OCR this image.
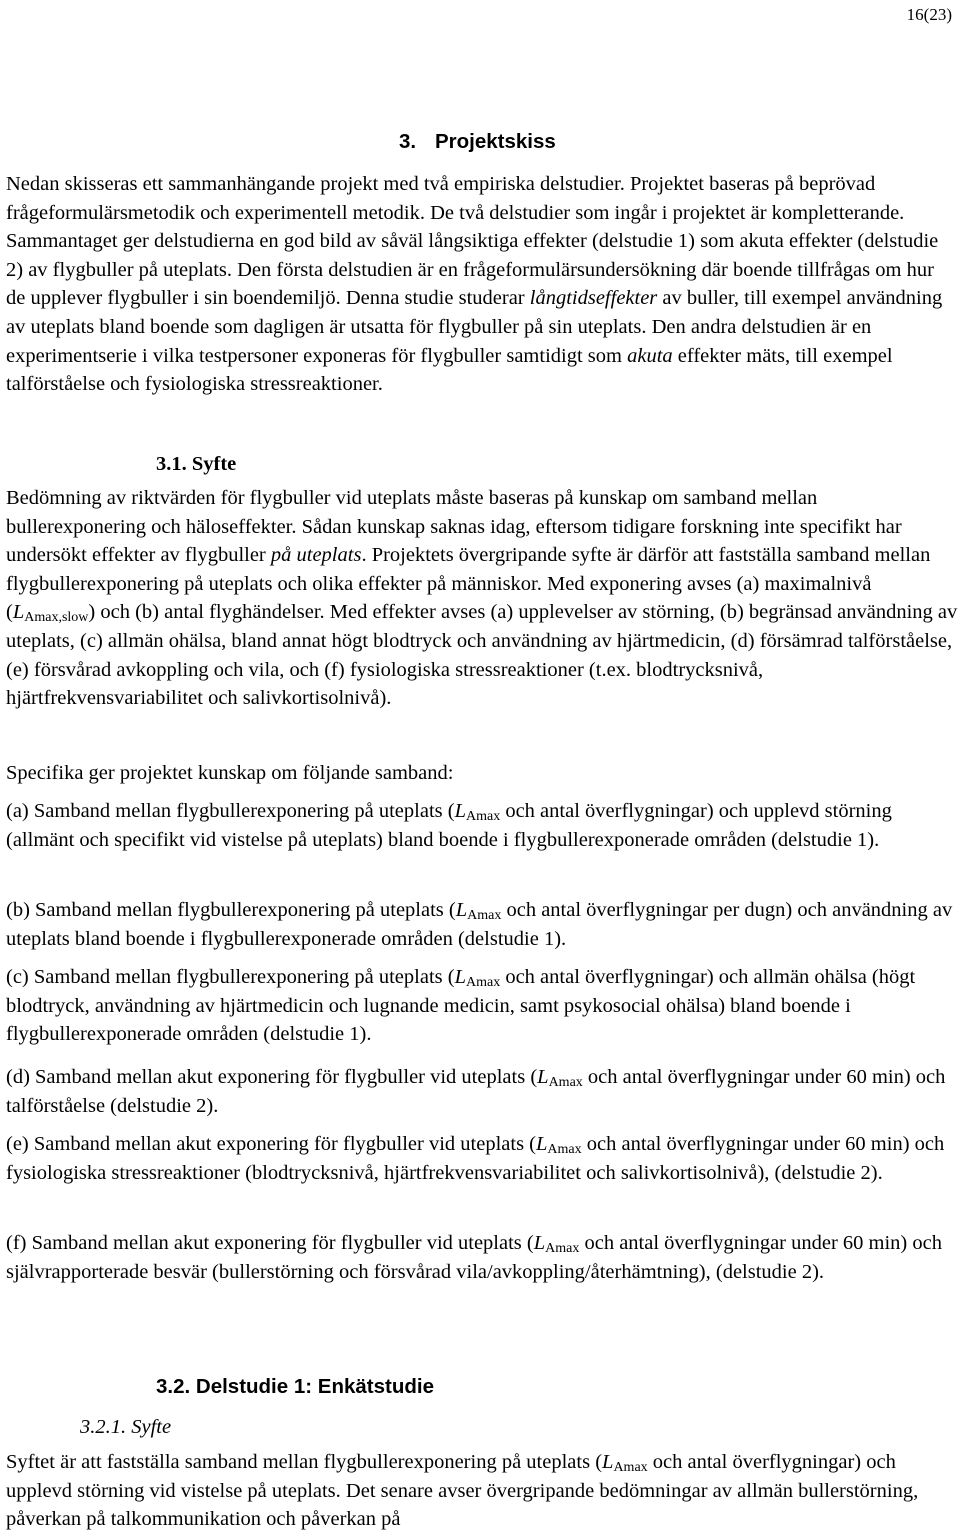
16(23)
3. Projektskiss

Nedan skisseras ett sammanhängande projekt med två empiriska delstudier. Projektet baseras på beprövad frågeformulärsmetodik och experimentell metodik. De två delstudier som ingår i projektet är kompletterande. Sammantaget ger delstudierna en god bild av såväl långsiktiga effekter (delstudie 1) som akuta effekter (delstudie 2) av flygbuller på uteplats. Den första delstudien är en frågeformulärsundersökning där boende tillfrågas om hur de upplever flygbuller i sin boendemiljö. Denna studie studerar långtidseffekter av buller, till exempel användning av uteplats bland boende som dagligen är utsatta för flygbuller på sin uteplats. Den andra delstudien är en experimentserie i vilka testpersoner exponeras för flygbuller samtidigt som akuta effekter mäts, till exempel talförståelse och fysiologiska stressreaktioner.

3.1. Syfte

Bedömning av riktvärden för flygbuller vid uteplats måste baseras på kunskap om samband mellan bullerexponering och häloseffekter. Sådan kunskap saknas idag, eftersom tidigare forskning inte specifikt har undersökt effekter av flygbuller på uteplats. Projektets övergripande syfte är därför att fastställa samband mellan flygbullerexponering på uteplats och olika effekter på människor. Med exponering avses (a) maximalnivå $(L_{Amax,slow})$ och (b) antal flyghändelser. Med effekter avses (a) upplevelser av störning, (b) begränsad användning av uteplats, (c) allmän ohälsa, bland annat högt blodtryck och användning av hjärtmedicin, (d) försämrad talförståelse, (e) försvårad avkoppling och vila, och (f) fysiologiska stressreaktioner (t.ex. blodtrycksnivå, hjärtfrekvensvariabilitet och salivkortisolnivå).

Specifika ger projektet kunskap om följande samband:

(a) Samband mellan flygbullerexponering på uteplats ($L_{Amax}$ och antal överflygningar) och upplevd störning (allmänt och specifikt vid vistelse på uteplats) bland boende i flygbullerexponerade områden (delstudie 1).

(b) Samband mellan flygbullerexponering på uteplats ($L_{Amax}$ och antal överflygningar per dugn) och användning av uteplats bland boende i flygbullerexponerade områden (delstudie 1).

(c) Samband mellan flygbullerexponering på uteplats ($L_{Amax}$ och antal överflygningar) och allmän ohälsa (högt blodtryck, användning av hjärtmedicin och lugnande medicin, samt psykosocial ohälsa) bland boende i flygbullerexponerade områden (delstudie 1).

(d) Samband mellan akut exponering för flygbuller vid uteplats ($L_{Amax}$ och antal överflygningar under 60 min) och talförståelse (delstudie 2).

(e) Samband mellan akut exponering för flygbuller vid uteplats ($L_{Amax}$ och antal överflygningar under 60 min) och fysiologiska stressreaktioner (blodtrycksnivå, hjärtfrekvensvariabilitet och salivkortisolnivå), (delstudie 2).

(f) Samband mellan akut exponering för flygbuller vid uteplats ($L_{Amax}$ och antal överflygningar under 60 min) och självrapporterade besvär (bullerstörning och försvårad vila/avkoppling/återhämtning), (delstudie 2).

3.2. Delstudie 1: Enkätstudie
3.2.1. Syfte

Syftet är att fastställa samband mellan flygbullerexponering på uteplats ($L_{Amax}$ och antal överflygningar) och upplevd störning vid vistelse på uteplats. Det senare avser övergripande bedömningar av allmän bullerstörning, påverkan på talkommunikation och påverkan på
